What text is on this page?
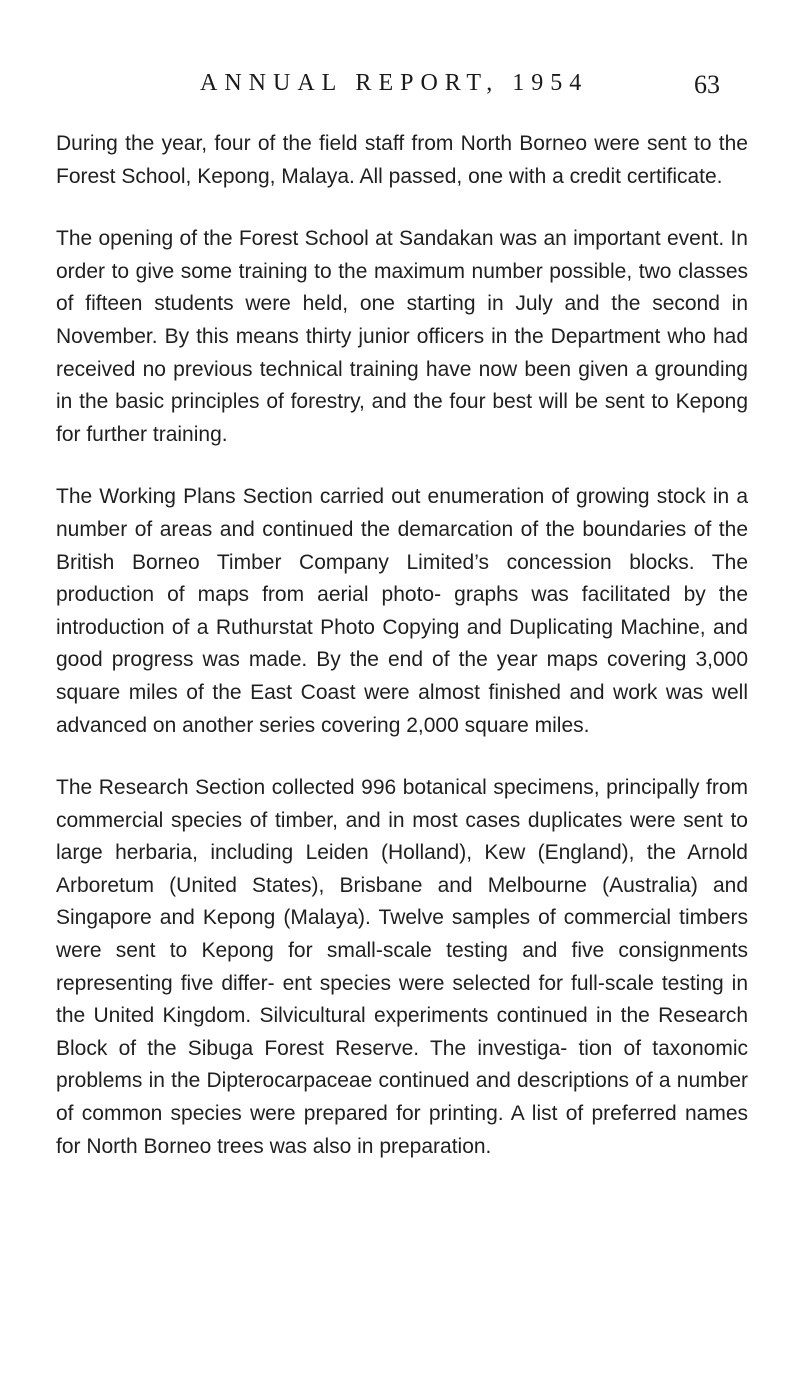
ANNUAL REPORT, 1954	63

During the year, four of the field staff from North Borneo were sent to the Forest School, Kepong, Malaya. All passed, one with a credit certificate.

The opening of the Forest School at Sandakan was an important event. In order to give some training to the maximum number possible, two classes of fifteen students were held, one starting in July and the second in November. By this means thirty junior officers in the Department who had received no previous technical training have now been given a grounding in the basic principles of forestry, and the four best will be sent to Kepong for further training.

The Working Plans Section carried out enumeration of growing stock in a number of areas and continued the demarcation of the boundaries of the British Borneo Timber Company Limited’s concession blocks. The production of maps from aerial photo- graphs was facilitated by the introduction of a Ruthurstat Photo Copying and Duplicating Machine, and good progress was made. By the end of the year maps covering 3,000 square miles of the East Coast were almost finished and work was well advanced on another series covering 2,000 square miles.

The Research Section collected 996 botanical specimens, principally from commercial species of timber, and in most cases duplicates were sent to large herbaria, including Leiden (Holland), Kew (England), the Arnold Arboretum (United States), Brisbane and Melbourne (Australia) and Singapore and Kepong (Malaya). Twelve samples of commercial timbers were sent to Kepong for small-scale testing and five consignments representing five differ- ent species were selected for full-scale testing in the United Kingdom. Silvicultural experiments continued in the Research Block of the Sibuga Forest Reserve. The investiga- tion of taxonomic problems in the Dipterocarpaceae continued and descriptions of a number of common species were prepared for printing. A list of preferred names for North Borneo trees was also in preparation.
